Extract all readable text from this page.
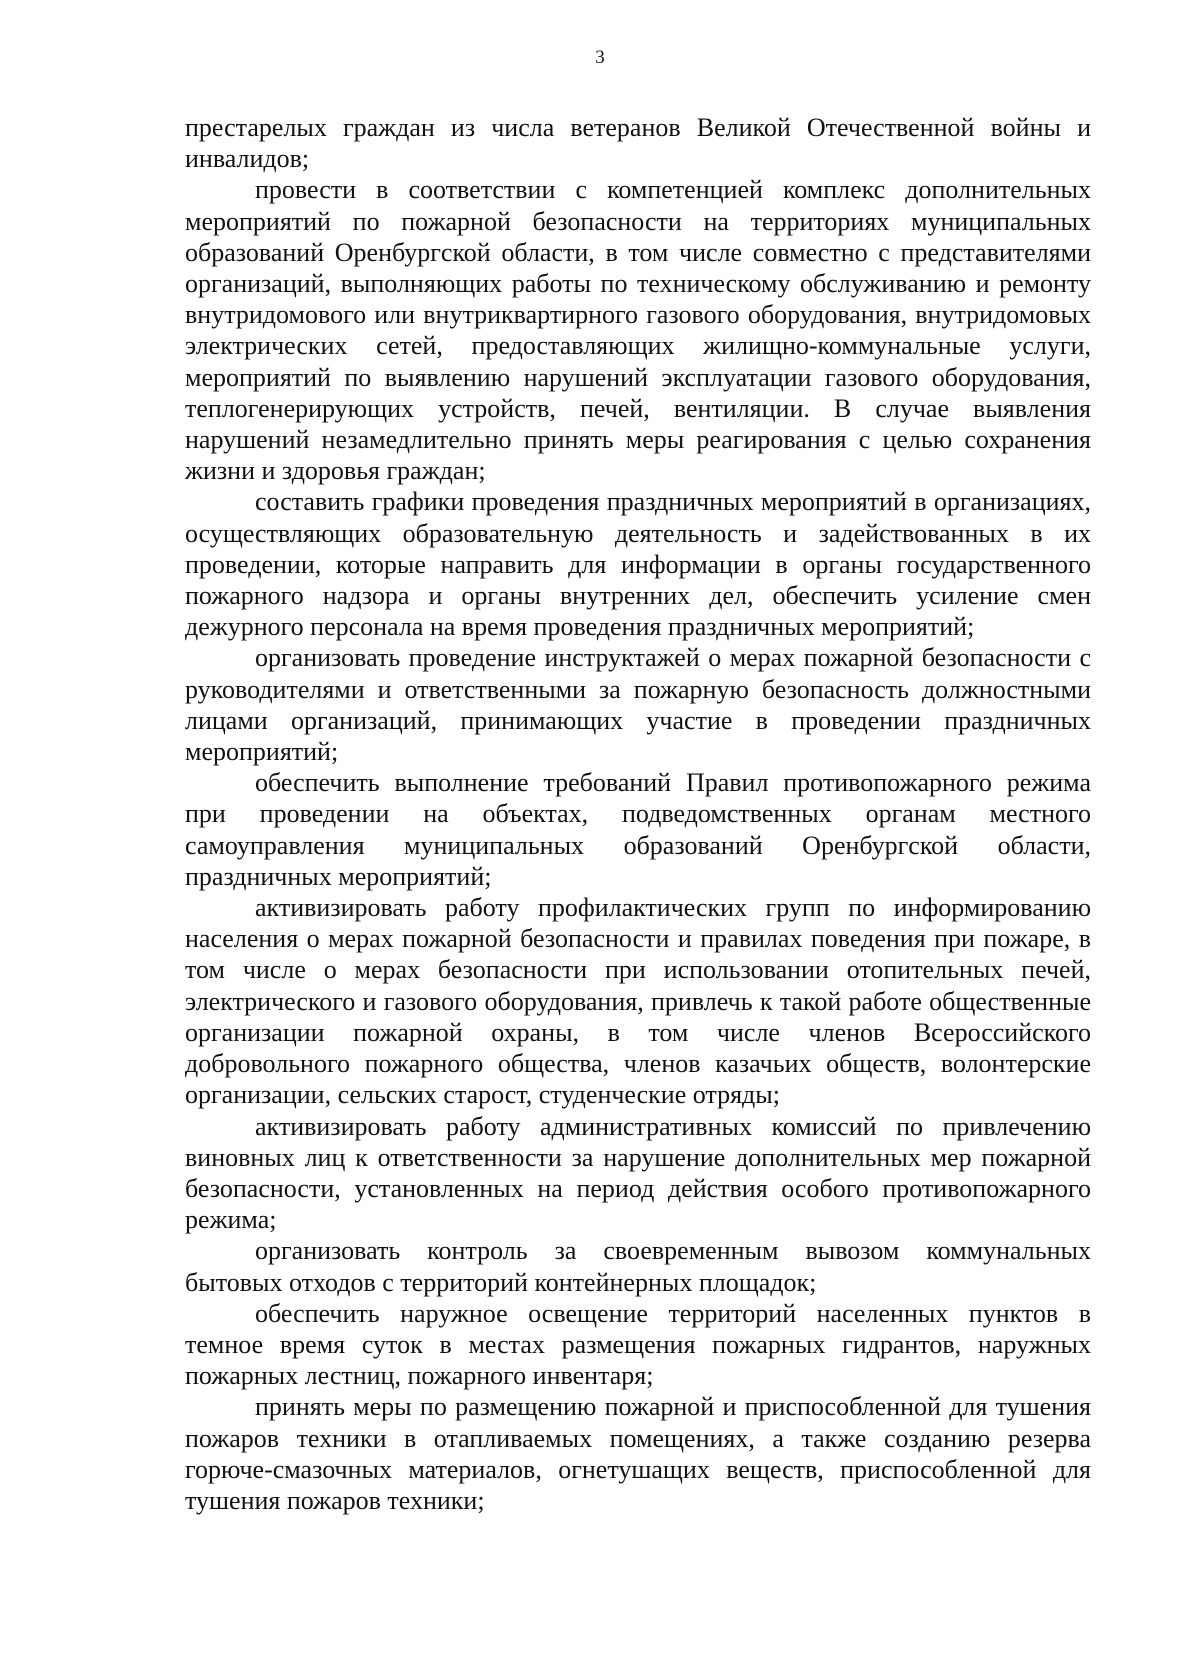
3

престарелых граждан из числа ветеранов Великой Отечественной войны и инвалидов;

провести в соответствии с компетенцией комплекс дополнительных мероприятий по пожарной безопасности на территориях муниципальных образований Оренбургской области, в том числе совместно с представителями организаций, выполняющих работы по техническому обслуживанию и ремонту внутридомового или внутриквартирного газового оборудования, внутридомовых электрических сетей, предоставляющих жилищно-коммунальные услуги, мероприятий по выявлению нарушений эксплуатации газового оборудования, теплогенерирующих устройств, печей, вентиляции. В случае выявления нарушений незамедлительно принять меры реагирования с целью сохранения жизни и здоровья граждан;

составить графики проведения праздничных мероприятий в организациях, осуществляющих образовательную деятельность и задействованных в их проведении, которые направить для информации в органы государственного пожарного надзора и органы внутренних дел, обеспечить усиление смен дежурного персонала на время проведения праздничных мероприятий;

организовать проведение инструктажей о мерах пожарной безопасности с руководителями и ответственными за пожарную безопасность должностными лицами организаций, принимающих участие в проведении праздничных мероприятий;

обеспечить выполнение требований Правил противопожарного режима при проведении на объектах, подведомственных органам местного самоуправления муниципальных образований Оренбургской области, праздничных мероприятий;

активизировать работу профилактических групп по информированию населения о мерах пожарной безопасности и правилах поведения при пожаре, в том числе о мерах безопасности при использовании отопительных печей, электрического и газового оборудования, привлечь к такой работе общественные организации пожарной охраны, в том числе членов Всероссийского добровольного пожарного общества, членов казачьих обществ, волонтерские организации, сельских старост, студенческие отряды;

активизировать работу административных комиссий по привлечению виновных лиц к ответственности за нарушение дополнительных мер пожарной безопасности, установленных на период действия особого противопожарного режима;

организовать контроль за своевременным вывозом коммунальных бытовых отходов с территорий контейнерных площадок;

обеспечить наружное освещение территорий населенных пунктов в темное время суток в местах размещения пожарных гидрантов, наружных пожарных лестниц, пожарного инвентаря;

принять меры по размещению пожарной и приспособленной для тушения пожаров техники в отапливаемых помещениях, а также созданию резерва горюче-смазочных материалов, огнетушащих веществ, приспособленной для тушения пожаров техники;
